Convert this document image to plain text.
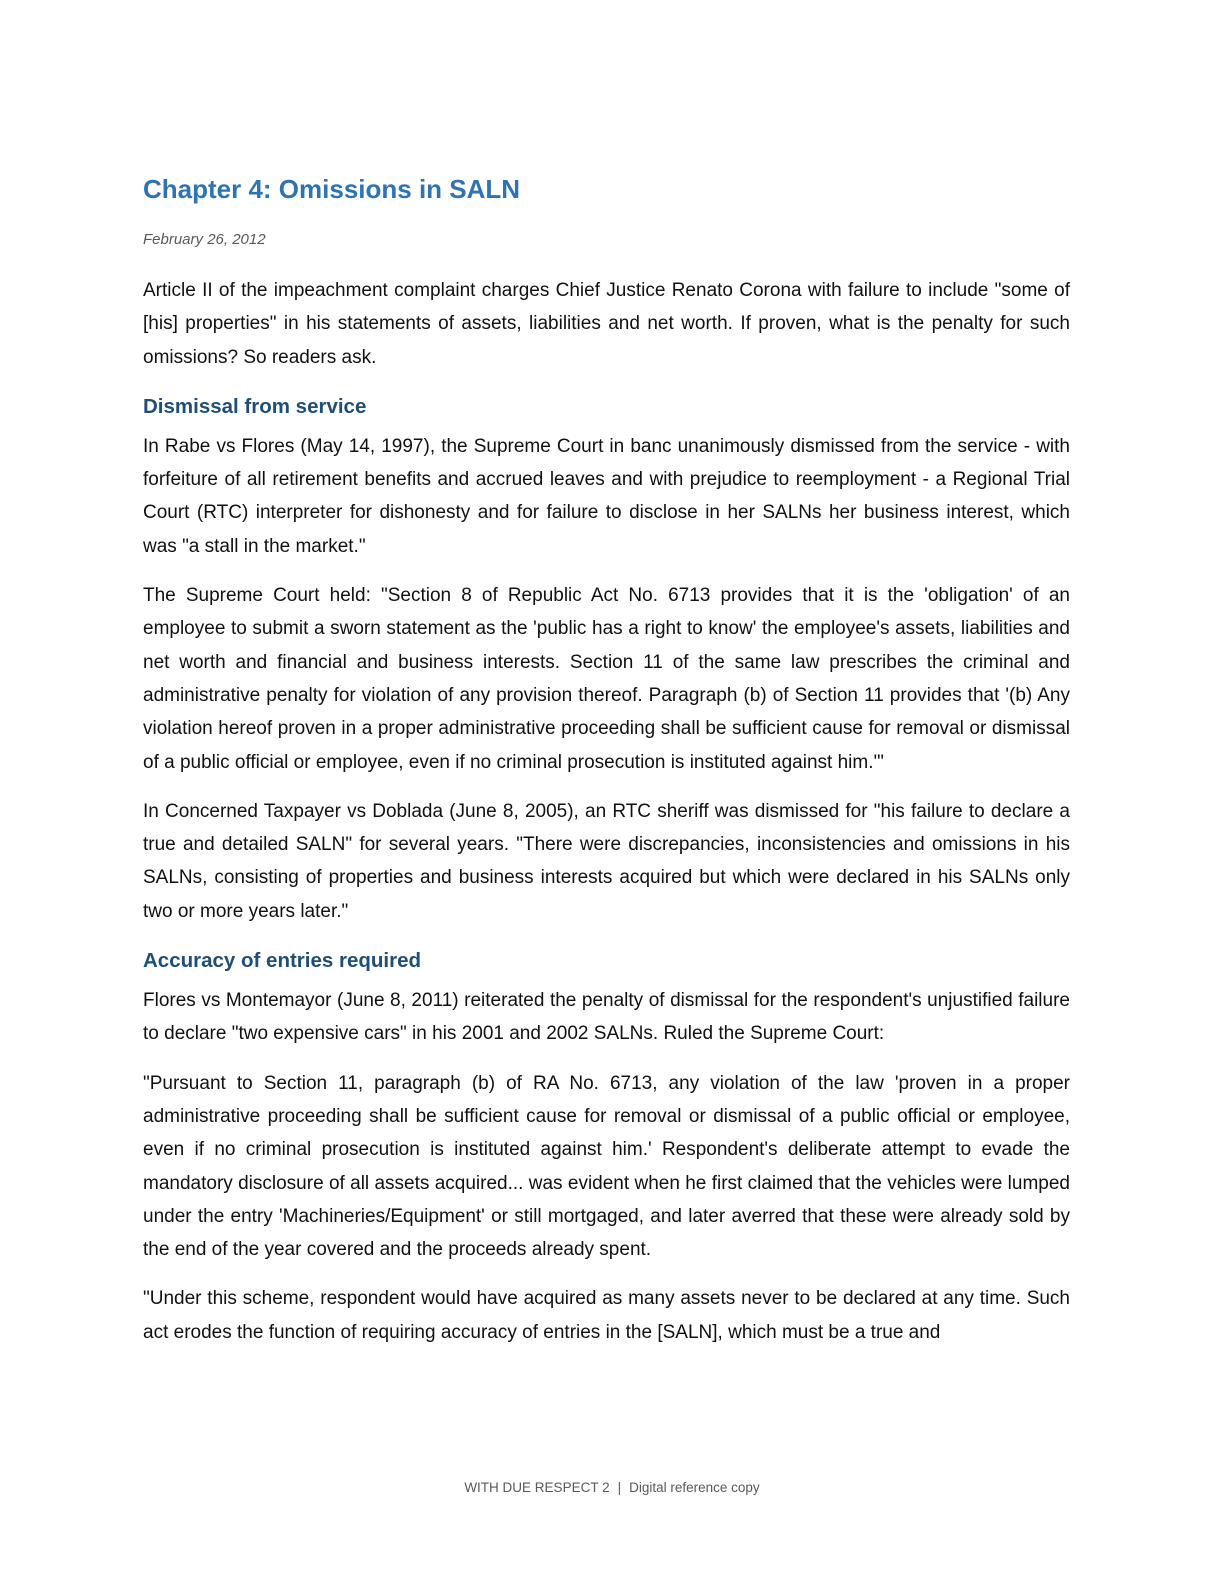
Chapter 4: Omissions in SALN
February 26, 2012

Article II of the impeachment complaint charges Chief Justice Renato Corona with failure to include "some of [his] properties" in his statements of assets, liabilities and net worth. If proven, what is the penalty for such omissions? So readers ask.

Dismissal from service

In Rabe vs Flores (May 14, 1997), the Supreme Court in banc unanimously dismissed from the service - with forfeiture of all retirement benefits and accrued leaves and with prejudice to reemployment - a Regional Trial Court (RTC) interpreter for dishonesty and for failure to disclose in her SALNs her business interest, which was "a stall in the market."

The Supreme Court held: "Section 8 of Republic Act No. 6713 provides that it is the 'obligation' of an employee to submit a sworn statement as the 'public has a right to know' the employee's assets, liabilities and net worth and financial and business interests. Section 11 of the same law prescribes the criminal and administrative penalty for violation of any provision thereof. Paragraph (b) of Section 11 provides that '(b) Any violation hereof proven in a proper administrative proceeding shall be sufficient cause for removal or dismissal of a public official or employee, even if no criminal prosecution is instituted against him.'"

In Concerned Taxpayer vs Doblada (June 8, 2005), an RTC sheriff was dismissed for "his failure to declare a true and detailed SALN" for several years. "There were discrepancies, inconsistencies and omissions in his SALNs, consisting of properties and business interests acquired but which were declared in his SALNs only two or more years later."

Accuracy of entries required

Flores vs Montemayor (June 8, 2011) reiterated the penalty of dismissal for the respondent's unjustified failure to declare "two expensive cars" in his 2001 and 2002 SALNs. Ruled the Supreme Court:

"Pursuant to Section 11, paragraph (b) of RA No. 6713, any violation of the law 'proven in a proper administrative proceeding shall be sufficient cause for removal or dismissal of a public official or employee, even if no criminal prosecution is instituted against him.' Respondent's deliberate attempt to evade the mandatory disclosure of all assets acquired... was evident when he first claimed that the vehicles were lumped under the entry 'Machineries/Equipment' or still mortgaged, and later averred that these were already sold by the end of the year covered and the proceeds already spent.

"Under this scheme, respondent would have acquired as many assets never to be declared at any time. Such act erodes the function of requiring accuracy of entries in the [SALN], which must be a true and

WITH DUE RESPECT 2 | Digital reference copy
